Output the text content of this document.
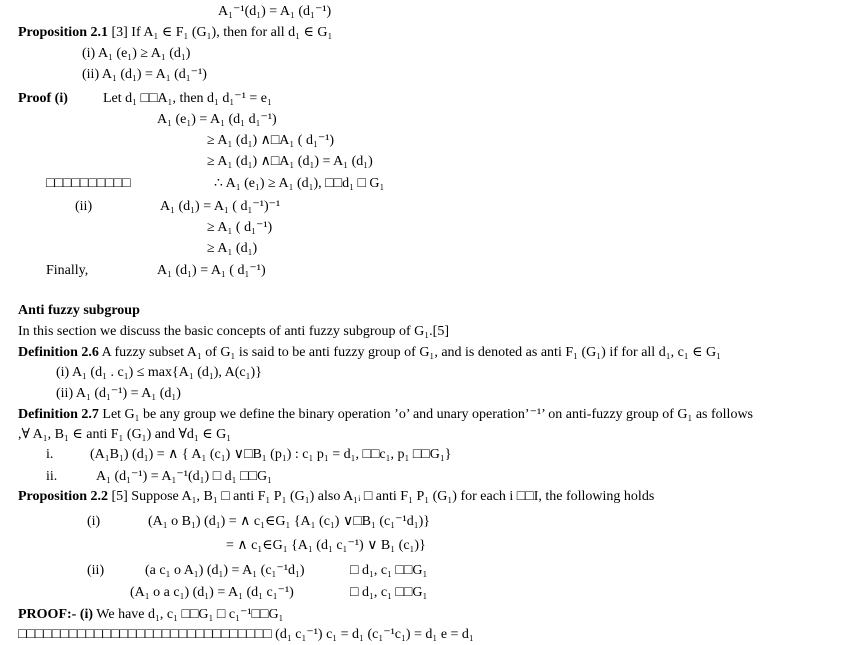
A₁⁻¹(d₁) = A₁ (d₁⁻¹)
Proposition 2.1 [3] If A₁ ∈ F₁ (G₁), then for all d₁ ∈ G₁
(i) A₁ (e₁) ≥ A₁ (d₁)
(ii) A₁ (d₁) = A₁ (d₁⁻¹)
Proof (i)	Let d₁ □□A₁, then d₁ d₁⁻¹ = e₁
A₁ (e₁) = A₁ (d₁ d₁⁻¹)
≥ A₁ (d₁) ∧□A₁ ( d₁⁻¹)
≥ A₁ (d₁) ∧□A₁ (d₁) = A₁ (d₁)
□□□□□□□□□□	∴ A₁ (e₁) ≥ A₁ (d₁), □□d₁ □ G₁
(ii)	A₁ (d₁) = A₁ ( d₁⁻¹)⁻¹
≥ A₁ ( d₁⁻¹)
≥ A₁ (d₁)
Finally,	A₁ (d₁) = A₁ ( d₁⁻¹)
Anti fuzzy subgroup
In this section we discuss the basic concepts of anti fuzzy subgroup of G₁.[5]
Definition 2.6 A fuzzy subset A₁ of G₁ is said to be anti fuzzy group of G₁, and is denoted as anti F₁ (G₁) if for all d₁, c₁ ∈ G₁
(i) A₁ (d₁ . c₁) ≤ max{A₁ (d₁), A(c₁)}
(ii) A₁ (d₁⁻¹) = A₁ (d₁)
Definition 2.7 Let G₁ be any group we define the binary operation ’o’ and unary operation’⁻¹’ on anti-fuzzy group of G₁ as follows
,∀ A₁, B₁ ∈ anti F₁ (G₁) and ∀d₁ ∈ G₁
i.	(A₁B₁) (d₁) = ∧ { A₁ (c₁) ∨□B₁ (p₁) : c₁ p₁ = d₁, □□c₁, p₁ □□G₁}
ii.	A₁ (d₁⁻¹) = A₁⁻¹(d₁) □ d₁ □□G₁
Proposition 2.2 [5] Suppose A₁, B₁ □ anti F₁ P₁ (G₁) also A₁ᵢ □ anti F₁ P₁ (G₁) for each i □□I, the following holds
(i)	(A₁ o B₁) (d₁) = ∧ c₁∈G₁ {A₁ (c₁) ∨□B₁ (c₁⁻¹d₁)}
= ∧ c₁∈G₁ {A₁ (d₁ c₁⁻¹) ∨ B₁ (c₁)}
(ii)	(a c₁ o A₁) (d₁) = A₁ (c₁⁻¹d₁)	□ d₁, c₁ □□G₁
(A₁ o a c₁) (d₁) = A₁ (d₁ c₁⁻¹)	□ d₁, c₁ □□G₁
PROOF:- (i) We have d₁, c₁ □□G₁ □ c₁⁻¹□□G₁
□□□□□□□□□□□□□□□□□□□□□□□□□□□□□□ (d₁ c₁⁻¹) c₁ = d₁ (c₁⁻¹c₁) = d₁ e = d₁
